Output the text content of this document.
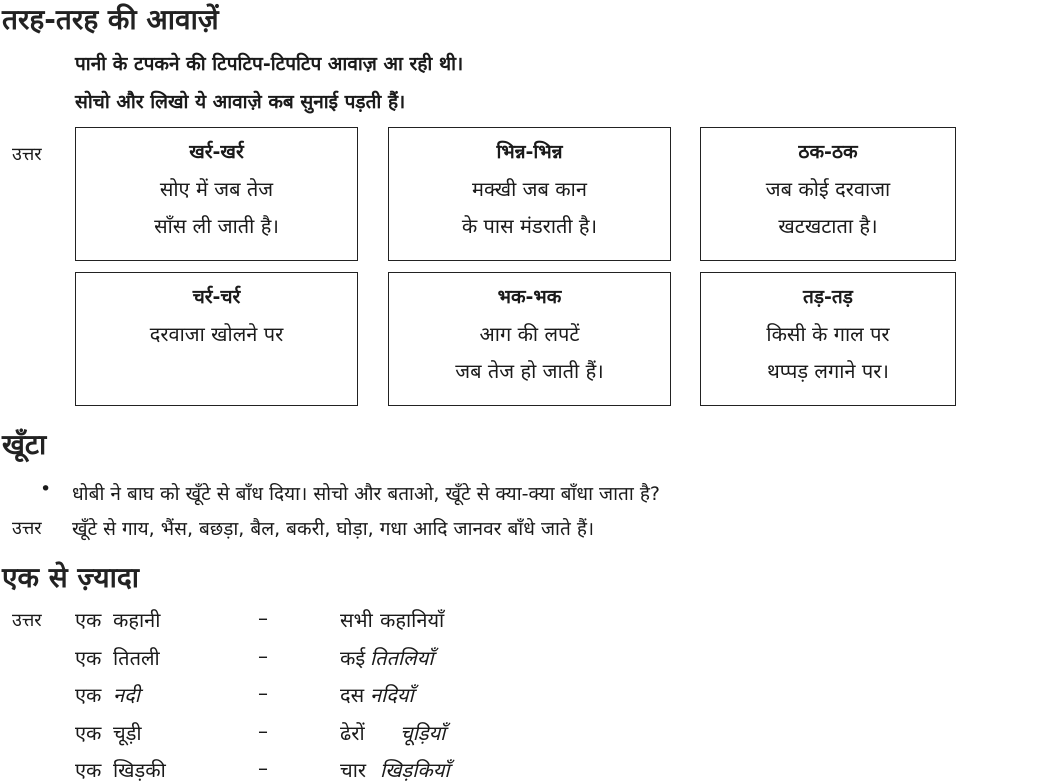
तरह-तरह की आवाज़ें
पानी के टपकने की टिपटिप-टिपटिप आवाज़ आ रही थी।
सोचो और लिखो ये आवाज़े कब सुनाई पड़ती हैं।
उत्तर	खर्र-खर्र
सोए में जब तेज
साँस ली जाती है।
भिन्न-भिन्न
मक्खी जब कान
के पास मंडराती है।
ठक-ठक
जब कोई दरवाजा
खटखटाता है।
चर्र-चर्र
दरवाजा खोलने पर
भक-भक
आग की लपटें
जब तेज हो जाती हैं।
तड़-तड़
किसी के गाल पर
थप्पड़ लगाने पर।
खूँटा
• धोबी ने बाघ को खूँटे से बाँध दिया। सोचो और बताओ, खूँटे से क्या-क्या बाँधा जाता है?
उत्तर खूँटे से गाय, भैंस, बछड़ा, बैल, बकरी, घोड़ा, गधा आदि जानवर बाँधे जाते हैं।
एक से ज़्यादा
उत्तर एक कहानी	–	सभी कहानियाँ
एक तितली	–	कई तितलियाँ
एक नदी	–	दस नदियाँ
एक चूड़ी	–	ढेरों चूड़ियाँ
एक खिड़की	–	चार खिड़कियाँ
